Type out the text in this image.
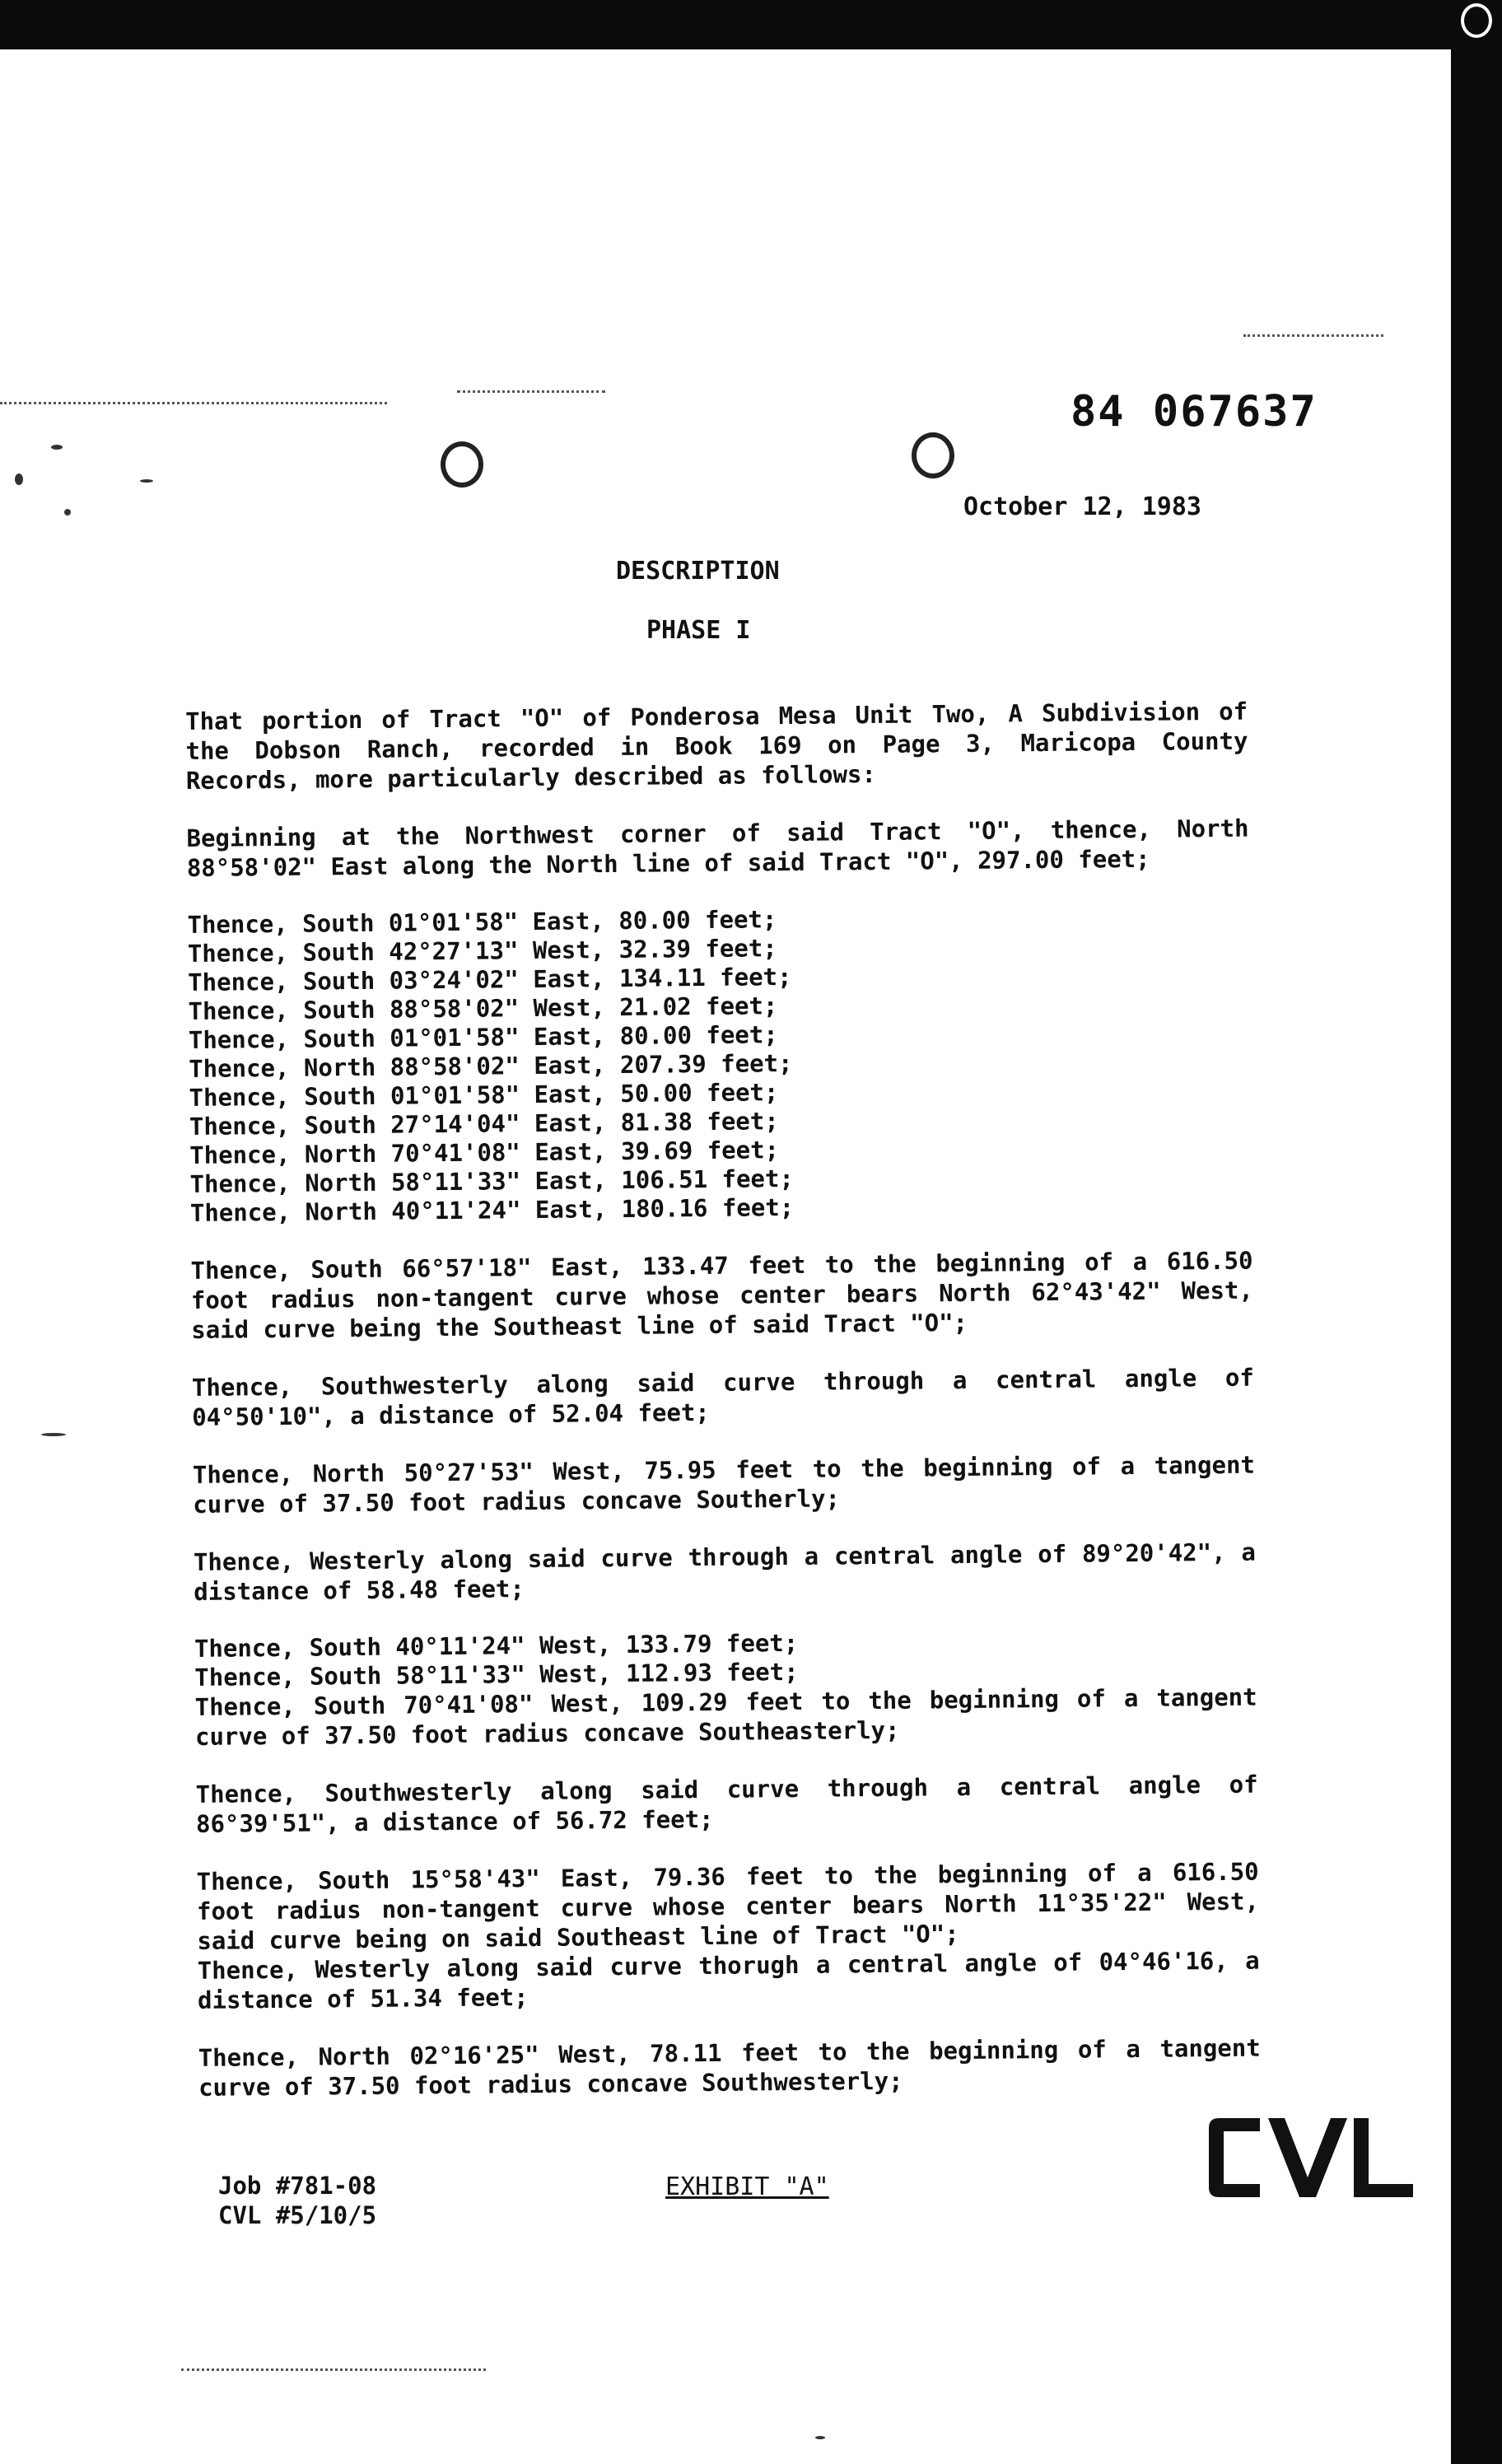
84 067637
October 12, 1983
DESCRIPTION
PHASE I

That portion of Tract "O" of Ponderosa Mesa Unit Two, A Subdivision of the Dobson Ranch, recorded in Book 169 on Page 3, Maricopa County Records, more particularly described as follows:

Beginning at the Northwest corner of said Tract "O", thence, North 88°58'02" East along the North line of said Tract "O", 297.00 feet;

Thence, South 01°01'58" East, 80.00 feet;
Thence, South 42°27'13" West, 32.39 feet;
Thence, South 03°24'02" East, 134.11 feet;
Thence, South 88°58'02" West, 21.02 feet;
Thence, South 01°01'58" East, 80.00 feet;
Thence, North 88°58'02" East, 207.39 feet;
Thence, South 01°01'58" East, 50.00 feet;
Thence, South 27°14'04" East, 81.38 feet;
Thence, North 70°41'08" East, 39.69 feet;
Thence, North 58°11'33" East, 106.51 feet;
Thence, North 40°11'24" East, 180.16 feet;

Thence, South 66°57'18" East, 133.47 feet to the beginning of a 616.50 foot radius non-tangent curve whose center bears North 62°43'42" West, said curve being the Southeast line of said Tract "O";

Thence, Southwesterly along said curve through a central angle of 04°50'10", a distance of 52.04 feet;

Thence, North 50°27'53" West, 75.95 feet to the beginning of a tangent curve of 37.50 foot radius concave Southerly;

Thence, Westerly along said curve through a central angle of 89°20'42", a distance of 58.48 feet;

Thence, South 40°11'24" West, 133.79 feet;
Thence, South 58°11'33" West, 112.93 feet;

Thence, South 70°41'08" West, 109.29 feet to the beginning of a tangent curve of 37.50 foot radius concave Southeasterly;

Thence, Southwesterly along said curve through a central angle of 86°39'51", a distance of 56.72 feet;

Thence, South 15°58'43" East, 79.36 feet to the beginning of a 616.50 foot radius non-tangent curve whose center bears North 11°35'22" West, said curve being on said Southeast line of Tract "O";

Thence, Westerly along said curve thorugh a central angle of 04°46'16, a distance of 51.34 feet;

Thence, North 02°16'25" West, 78.11 feet to the beginning of a tangent curve of 37.50 foot radius concave Southwesterly;

Job #781-08
CVL #5/10/5
EXHIBIT "A"
